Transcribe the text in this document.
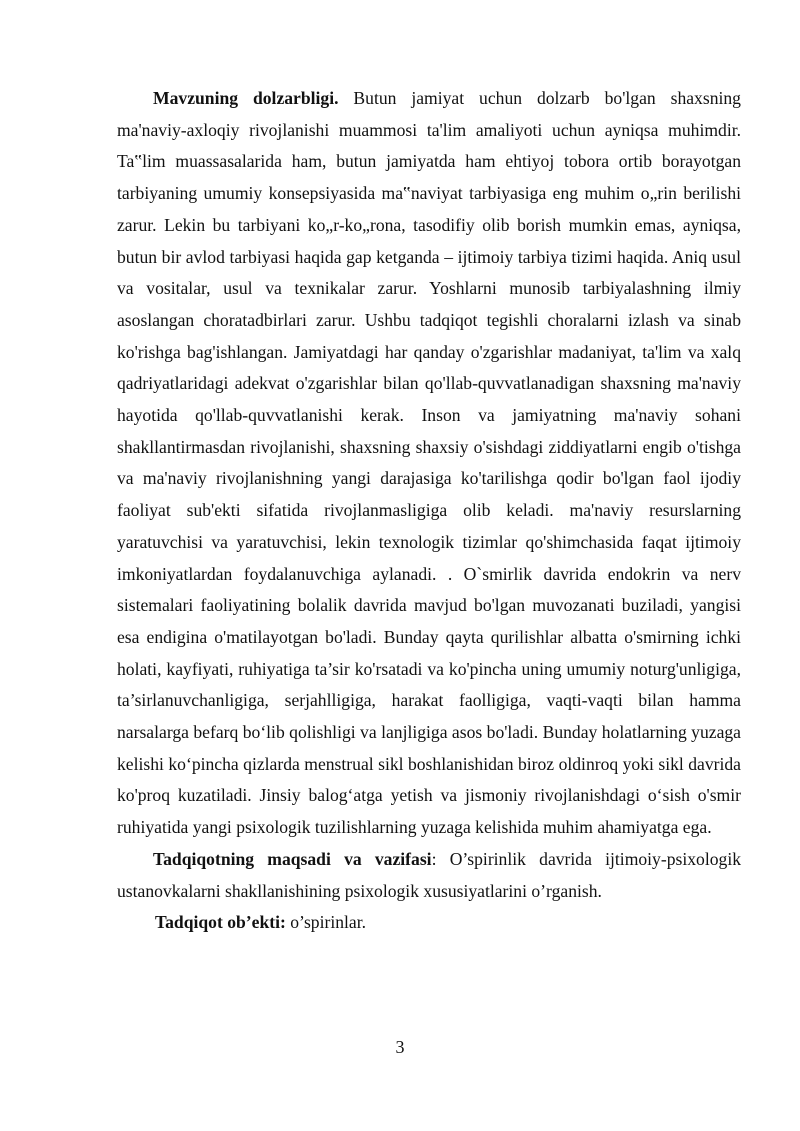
Mavzuning dolzarbligi. Butun jamiyat uchun dolzarb bo'lgan shaxsning ma'naviy-axloqiy rivojlanishi muammosi ta'lim amaliyoti uchun ayniqsa muhimdir. Ta‟lim muassasalarida ham, butun jamiyatda ham ehtiyoj tobora ortib borayotgan tarbiyaning umumiy konsepsiyasida ma‟naviyat tarbiyasiga eng muhim o„rin berilishi zarur. Lekin bu tarbiyani ko„r-ko„rona, tasodifiy olib borish mumkin emas, ayniqsa, butun bir avlod tarbiyasi haqida gap ketganda – ijtimoiy tarbiya tizimi haqida. Aniq usul va vositalar, usul va texnikalar zarur. Yoshlarni munosib tarbiyalashning ilmiy asoslangan choratadbirlari zarur. Ushbu tadqiqot tegishli choralarni izlash va sinab ko'rishga bag'ishlangan. Jamiyatdagi har qanday o'zgarishlar madaniyat, ta'lim va xalq qadriyatlaridagi adekvat o'zgarishlar bilan qo'llab-quvvatlanadigan shaxsning ma'naviy hayotida qo'llab-quvvatlanishi kerak. Inson va jamiyatning ma'naviy sohani shakllantirmasdan rivojlanishi, shaxsning shaxsiy o'sishdagi ziddiyatlarni engib o'tishga va ma'naviy rivojlanishning yangi darajasiga ko'tarilishga qodir bo'lgan faol ijodiy faoliyat sub'ekti sifatida rivojlanmasligiga olib keladi. ma'naviy resurslarning yaratuvchisi va yaratuvchisi, lekin texnologik tizimlar qo'shimchasida faqat ijtimoiy imkoniyatlardan foydalanuvchiga aylanadi. . O`smirlik davrida endokrin va nerv sistemalari faoliyatining bolalik davrida mavjud bo'lgan muvozanati buziladi, yangisi esa endigina o'matilayotgan bo'ladi. Bunday qayta qurilishlar albatta o'smirning ichki holati, kayfiyati, ruhiyatiga ta’sir ko'rsatadi va ko'pincha uning umumiy noturg'unligiga, ta’sirlanuvchanligiga, serjahlligiga, harakat faolligiga, vaqti-vaqti bilan hamma narsalarga befarq bo‘lib qolishligi va lanjligiga asos bo'ladi. Bunday holatlarning yuzaga kelishi ko‘pincha qizlarda menstrual sikl boshlanishidan biroz oldinroq yoki sikl davrida ko'proq kuzatiladi. Jinsiy balog‘atga yetish va jismoniy rivojlanishdagi o‘sish o'smir ruhiyatida yangi psixologik tuzilishlarning yuzaga kelishida muhim ahamiyatga ega.

Tadqiqotning maqsadi va vazifasi: O’spirinlik davrida ijtimoiy-psixologik ustanovkalarni shakllanishining psixologik xususiyatlarini o’rganish.

Tadqiqot ob’ekti: o’spirinlar.

3
